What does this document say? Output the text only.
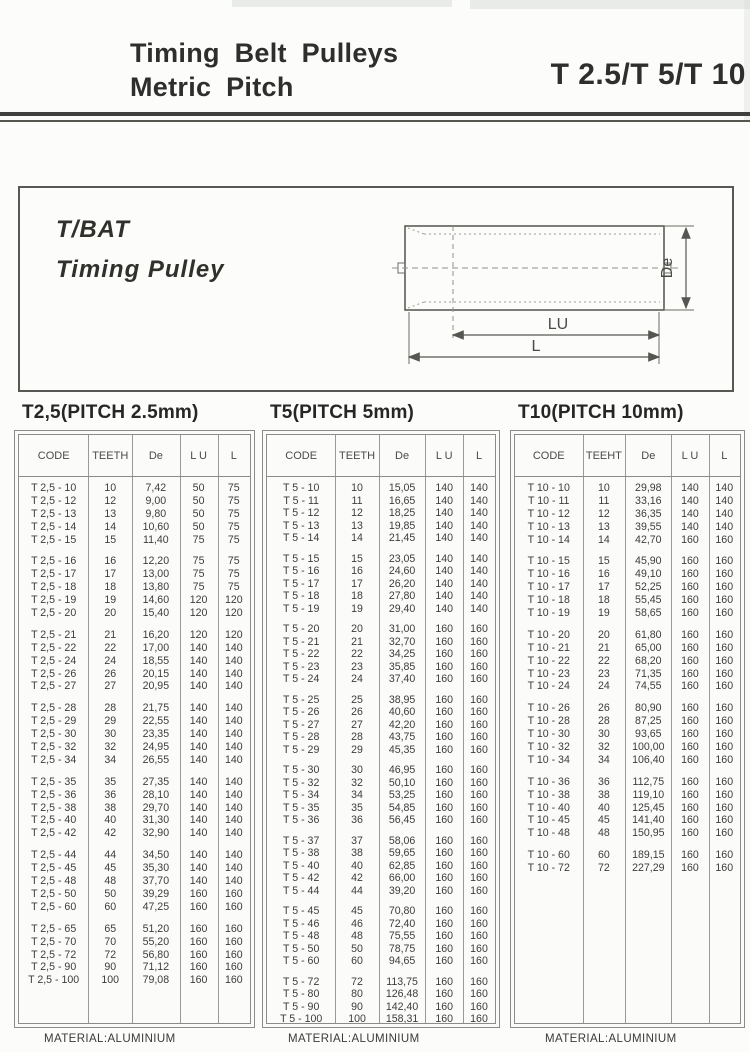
Timing Belt Pulleys
Metric Pitch	T 2.5/T 5/T 10
T/BAT
Timing Pulley	De
LU
L
T2,5(PITCH 2.5mm)	T5(PITCH 5mm)	T10(PITCH 10mm)
CODE	TEETH	De	L U	L
T 2,5 - 10	10	7,42	50	75
T 2,5 - 12	12	9,00	50	75
T 2,5 - 13	13	9,80	50	75
T 2,5 - 14	14	10,60	50	75
T 2,5 - 15	15	11,40	75	75
T 2,5 - 16	16	12,20	75	75
T 2,5 - 17	17	13,00	75	75
T 2,5 - 18	18	13,80	75	75
T 2,5 - 19	19	14,60	120	120
T 2,5 - 20	20	15,40	120	120
T 2,5 - 21	21	16,20	120	120
T 2,5 - 22	22	17,00	140	140
T 2,5 - 24	24	18,55	140	140
T 2,5 - 26	26	20,15	140	140
T 2,5 - 27	27	20,95	140	140
T 2,5 - 28	28	21,75	140	140
T 2,5 - 29	29	22,55	140	140
T 2,5 - 30	30	23,35	140	140
T 2,5 - 32	32	24,95	140	140
T 2,5 - 34	34	26,55	140	140
T 2,5 - 35	35	27,35	140	140
T 2,5 - 36	36	28,10	140	140
T 2,5 - 38	38	29,70	140	140
T 2,5 - 40	40	31,30	140	140
T 2,5 - 42	42	32,90	140	140
T 2,5 - 44	44	34,50	140	140
T 2,5 - 45	45	35,30	140	140
T 2,5 - 48	48	37,70	140	140
T 2,5 - 50	50	39,29	160	160
T 2,5 - 60	60	47,25	160	160
T 2,5 - 65	65	51,20	160	160
T 2,5 - 70	70	55,20	160	160
T 2,5 - 72	72	56,80	160	160
T 2,5 - 90	90	71,12	160	160
T 2,5 - 100	100	79,08	160	160
CODE	TEETH	De	L U	L
T 5 - 10	10	15,05	140	140
T 5 - 11	11	16,65	140	140
T 5 - 12	12	18,25	140	140
T 5 - 13	13	19,85	140	140
T 5 - 14	14	21,45	140	140
T 5 - 15	15	23,05	140	140
T 5 - 16	16	24,60	140	140
T 5 - 17	17	26,20	140	140
T 5 - 18	18	27,80	140	140
T 5 - 19	19	29,40	140	140
T 5 - 20	20	31,00	160	160
T 5 - 21	21	32,70	160	160
T 5 - 22	22	34,25	160	160
T 5 - 23	23	35,85	160	160
T 5 - 24	24	37,40	160	160
T 5 - 25	25	38,95	160	160
T 5 - 26	26	40,60	160	160
T 5 - 27	27	42,20	160	160
T 5 - 28	28	43,75	160	160
T 5 - 29	29	45,35	160	160
T 5 - 30	30	46,95	160	160
T 5 - 32	32	50,10	160	160
T 5 - 34	34	53,25	160	160
T 5 - 35	35	54,85	160	160
T 5 - 36	36	56,45	160	160
T 5 - 37	37	58,06	160	160
T 5 - 38	38	59,65	160	160
T 5 - 40	40	62,85	160	160
T 5 - 42	42	66,00	160	160
T 5 - 44	44	39,20	160	160
T 5 - 45	45	70,80	160	160
T 5 - 46	46	72,40	160	160
T 5 - 48	48	75,55	160	160
T 5 - 50	50	78,75	160	160
T 5 - 60	60	94,65	160	160
T 5 - 72	72	113,75	160	160
T 5 - 80	80	126,48	160	160
T 5 - 90	90	142,40	160	160
T 5 - 100	100	158,31	160	160
CODE	TEEHT	De	L U	L
T 10 - 10	10	29,98	140	140
T 10 - 11	11	33,16	140	140
T 10 - 12	12	36,35	140	140
T 10 - 13	13	39,55	140	140
T 10 - 14	14	42,70	160	160
T 10 - 15	15	45,90	160	160
T 10 - 16	16	49,10	160	160
T 10 - 17	17	52,25	160	160
T 10 - 18	18	55,45	160	160
T 10 - 19	19	58,65	160	160
T 10 - 20	20	61,80	160	160
T 10 - 21	21	65,00	160	160
T 10 - 22	22	68,20	160	160
T 10 - 23	23	71,35	160	160
T 10 - 24	24	74,55	160	160
T 10 - 26	26	80,90	160	160
T 10 - 28	28	87,25	160	160
T 10 - 30	30	93,65	160	160
T 10 - 32	32	100,00	160	160
T 10 - 34	34	106,40	160	160
T 10 - 36	36	112,75	160	160
T 10 - 38	38	119,10	160	160
T 10 - 40	40	125,45	160	160
T 10 - 45	45	141,40	160	160
T 10 - 48	48	150,95	160	160
T 10 - 60	60	189,15	160	160
T 10 - 72	72	227,29	160	160
MATERIAL:ALUMINIUM	MATERIAL:ALUMINIUM	MATERIAL:ALUMINIUM
